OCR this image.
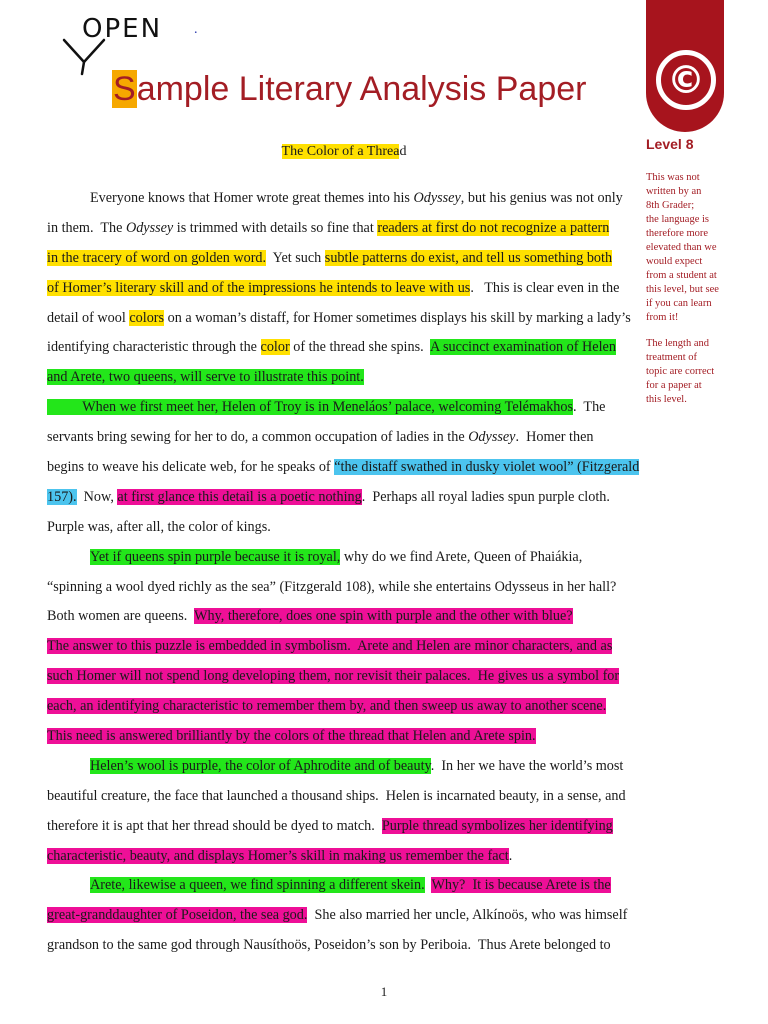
OPEN .
Sample Literary Analysis Paper
The Color of a Thread
©
Level 8
This was not
written by an
8th Grader;
the language is
therefore more
elevated than we
would expect
from a student at
this level, but see
if you can learn
from it!
The length and
treatment of
topic are correct
for a paper at
this level.
Everyone knows that Homer wrote great themes into his Odyssey, but his genius was not only
in them.  The Odyssey is trimmed with details so fine that readers at first do not recognize a pattern
in the tracery of word on golden word.  Yet such subtle patterns do exist, and tell us something both
of Homer’s literary skill and of the impressions he intends to leave with us.   This is clear even in the
detail of wool colors on a woman’s distaff, for Homer sometimes displays his skill by marking a lady’s
identifying characteristic through the color of the thread she spins.  A succinct examination of Helen
and Arete, two queens, will serve to illustrate this point.
When we first meet her, Helen of Troy is in Meneláos’ palace, welcoming Telémakhos.  The
servants bring sewing for her to do, a common occupation of ladies in the Odyssey.  Homer then
begins to weave his delicate web, for he speaks of “the distaff swathed in dusky violet wool” (Fitzgerald
157).  Now, at first glance this detail is a poetic nothing.  Perhaps all royal ladies spun purple cloth.
Purple was, after all, the color of kings.
Yet if queens spin purple because it is royal, why do we find Arete, Queen of Phaiákia,
“spinning a wool dyed richly as the sea” (Fitzgerald 108), while she entertains Odysseus in her hall?
Both women are queens.  Why, therefore, does one spin with purple and the other with blue?
The answer to this puzzle is embedded in symbolism.  Arete and Helen are minor characters, and as
such Homer will not spend long developing them, nor revisit their palaces.  He gives us a symbol for
each, an identifying characteristic to remember them by, and then sweep us away to another scene.
This need is answered brilliantly by the colors of the thread that Helen and Arete spin.
Helen’s wool is purple, the color of Aphrodite and of beauty.  In her we have the world’s most
beautiful creature, the face that launched a thousand ships.  Helen is incarnated beauty, in a sense, and
therefore it is apt that her thread should be dyed to match.  Purple thread symbolizes her identifying
characteristic, beauty, and displays Homer’s skill in making us remember the fact.
Arete, likewise a queen, we find spinning a different skein. Why?  It is because Arete is the
great-granddaughter of Poseidon, the sea god.  She also married her uncle, Alkínoös, who was himself
grandson to the same god through Nausíthoös, Poseidon’s son by Periboia.  Thus Arete belonged to
1
